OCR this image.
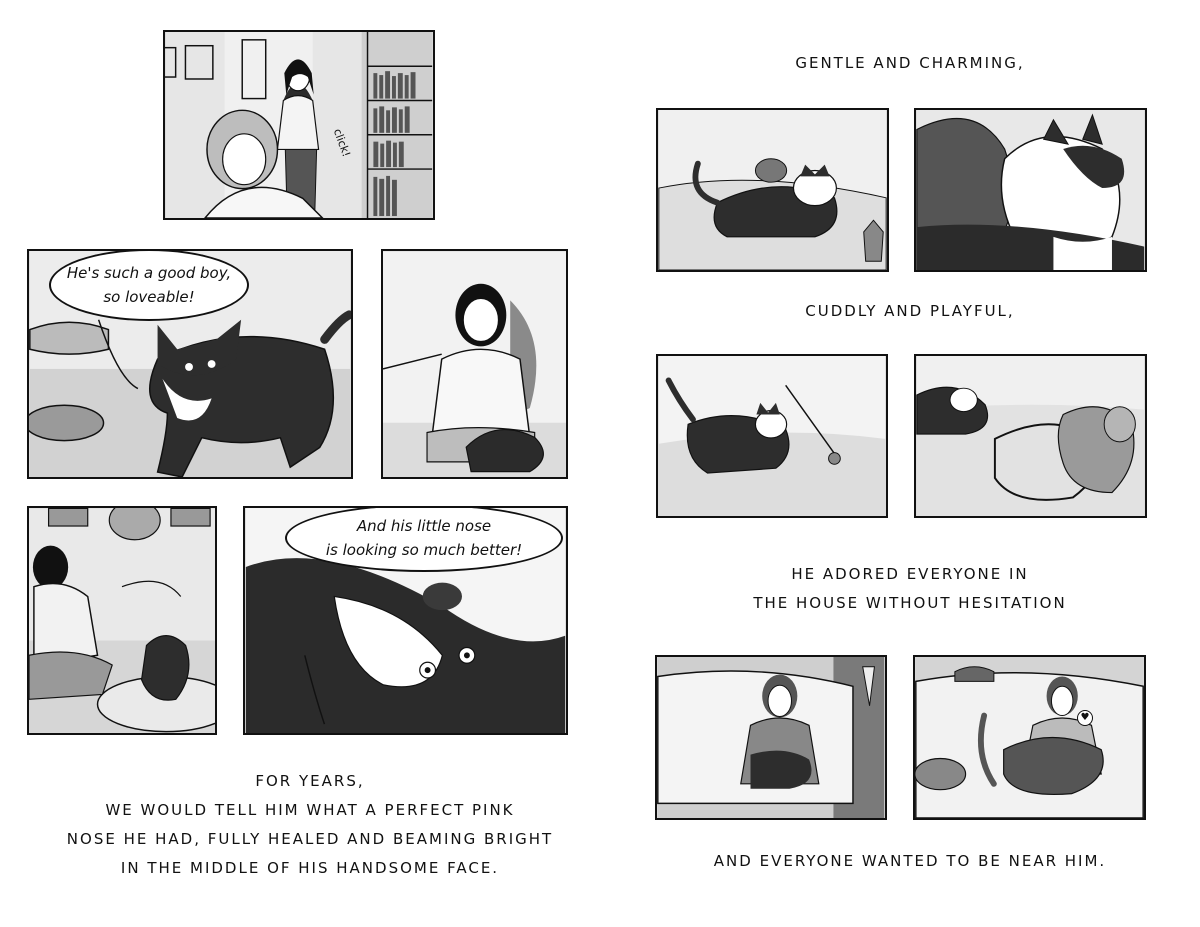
click!
He's such a good boy,
so loveable!
And his little nose
is looking so much better!
FOR YEARS,
WE WOULD TELL HIM WHAT A PERFECT PINK
NOSE HE HAD, FULLY HEALED AND BEAMING BRIGHT
IN THE MIDDLE OF HIS HANDSOME FACE.
GENTLE AND CHARMING,
CUDDLY AND PLAYFUL,
HE ADORED EVERYONE IN
THE HOUSE WITHOUT HESITATION
♥
AND EVERYONE WANTED TO BE NEAR HIM.
